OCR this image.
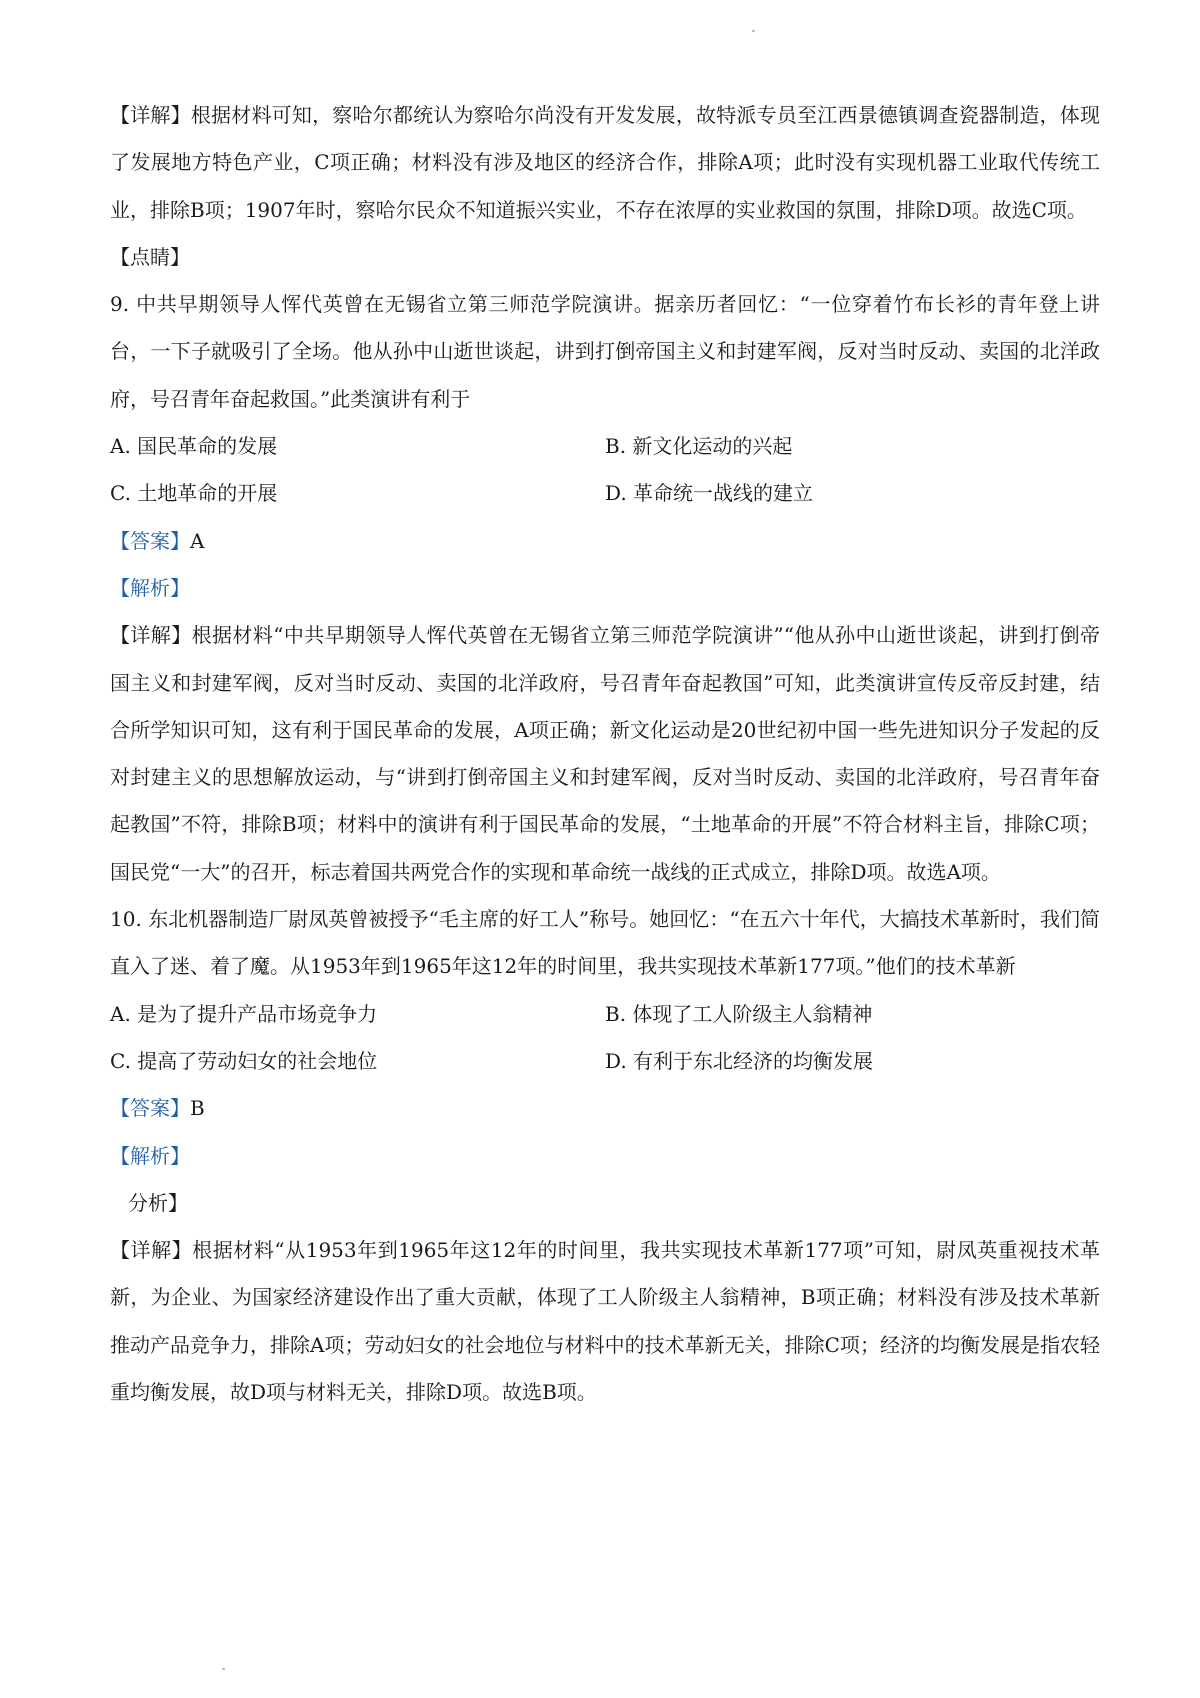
【详解】根据材料可知，察哈尔都统认为察哈尔尚没有开发发展，故特派专员至江西景德镇调查瓷器制造，体现了发展地方特色产业，C项正确；材料没有涉及地区的经济合作，排除A项；此时没有实现机器工业取代传统工业，排除B项；1907年时，察哈尔民众不知道振兴实业，不存在浓厚的实业救国的氛围，排除D项。故选C项。

【点睛】

9. 中共早期领导人恽代英曾在无锡省立第三师范学院演讲。据亲历者回忆：“一位穿着竹布长衫的青年登上讲台，一下子就吸引了全场。他从孙中山逝世谈起，讲到打倒帝国主义和封建军阀，反对当时反动、卖国的北洋政府，号召青年奋起救国。”此类演讲有利于

A. 国民革命的发展	B. 新文化运动的兴起
C. 土地革命的开展	D. 革命统一战线的建立

【答案】A

【解析】

【详解】根据材料“中共早期领导人恽代英曾在无锡省立第三师范学院演讲”“他从孙中山逝世谈起，讲到打倒帝国主义和封建军阀，反对当时反动、卖国的北洋政府，号召青年奋起教国”可知，此类演讲宣传反帝反封建，结合所学知识可知，这有利于国民革命的发展，A项正确；新文化运动是20世纪初中国一些先进知识分子发起的反对封建主义的思想解放运动，与“讲到打倒帝国主义和封建军阀，反对当时反动、卖国的北洋政府，号召青年奋起教国”不符，排除B项；材料中的演讲有利于国民革命的发展，“土地革命的开展”不符合材料主旨，排除C项；国民党“一大”的召开，标志着国共两党合作的实现和革命统一战线的正式成立，排除D项。故选A项。

10. 东北机器制造厂尉凤英曾被授予“毛主席的好工人”称号。她回忆：“在五六十年代，大搞技术革新时，我们简直入了迷、着了魔。从1953年到1965年这12年的时间里，我共实现技术革新177项。”他们的技术革新

A. 是为了提升产品市场竞争力	B. 体现了工人阶级主人翁精神
C. 提高了劳动妇女的社会地位	D. 有利于东北经济的均衡发展

【答案】B

【解析】

分析】

【详解】根据材料“从1953年到1965年这12年的时间里，我共实现技术革新177项”可知，尉凤英重视技术革新，为企业、为国家经济建设作出了重大贡献，体现了工人阶级主人翁精神，B项正确；材料没有涉及技术革新推动产品竞争力，排除A项；劳动妇女的社会地位与材料中的技术革新无关，排除C项；经济的均衡发展是指农轻重均衡发展，故D项与材料无关，排除D项。故选B项。
